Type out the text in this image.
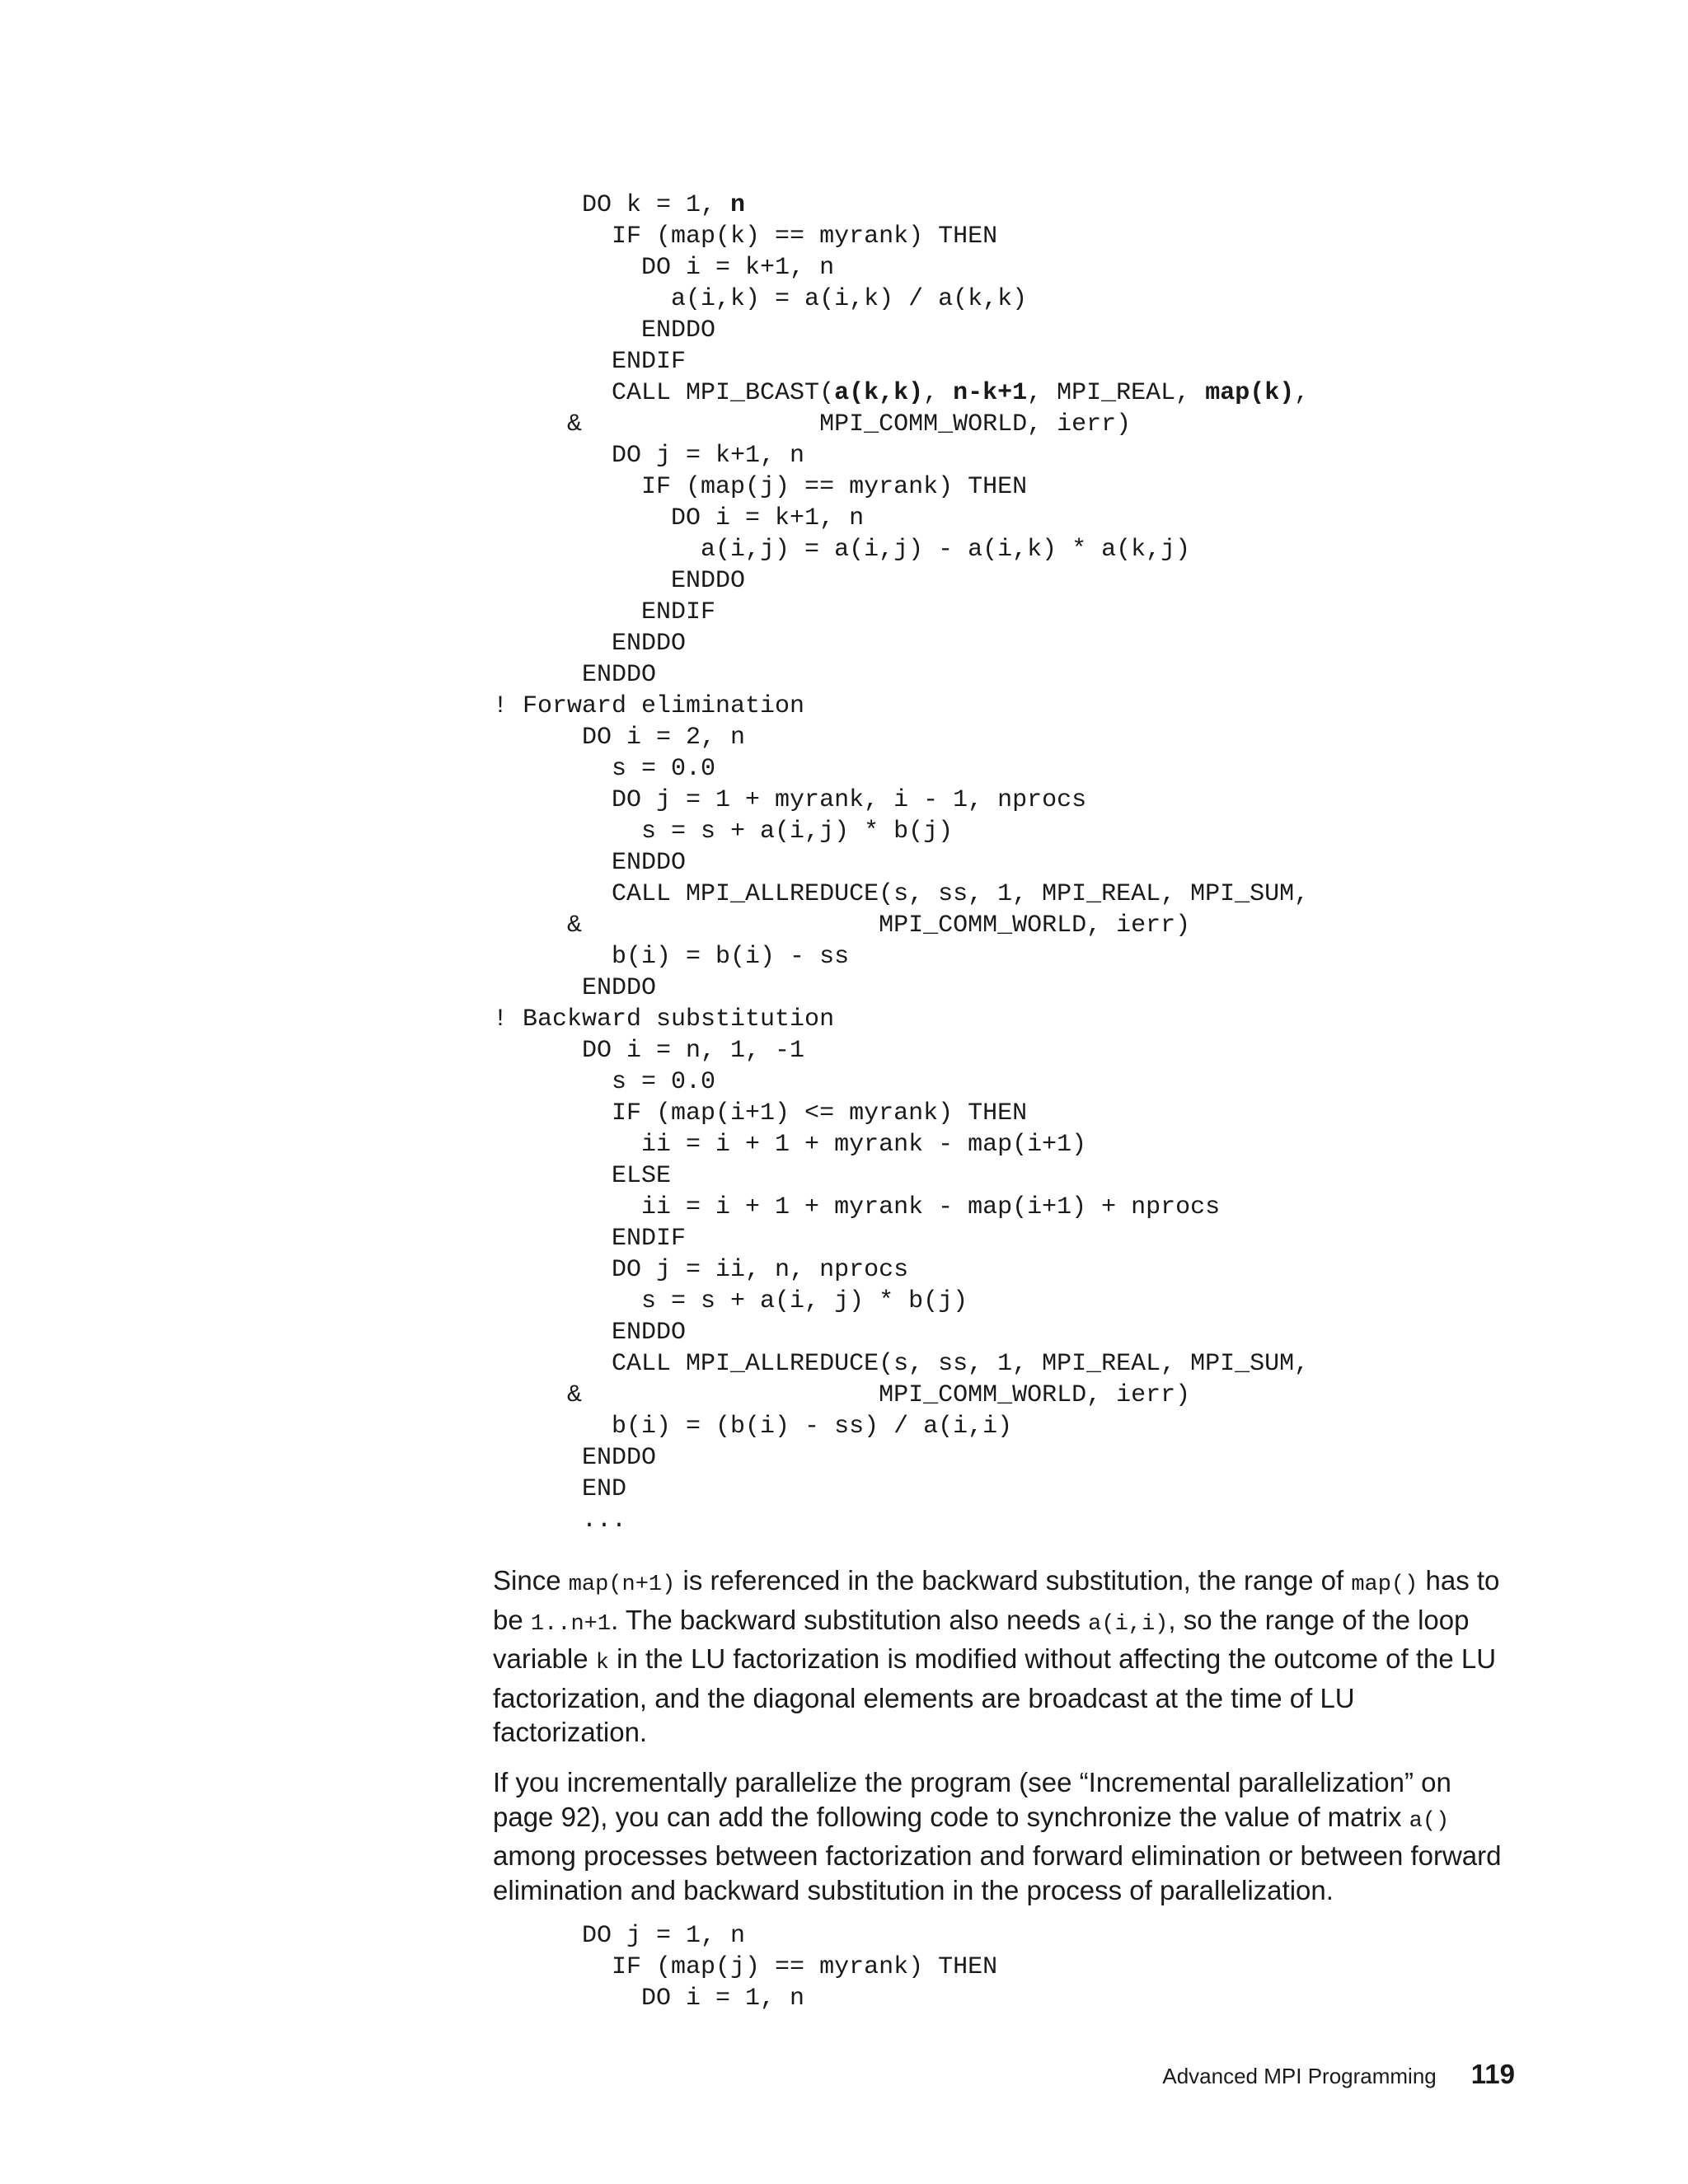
DO k = 1, n
IF (map(k) == myrank) THEN
DO i = k+1, n
a(i,k) = a(i,k) / a(k,k)
ENDDO
ENDIF
CALL MPI_BCAST(a(k,k), n-k+1, MPI_REAL, map(k),
&                MPI_COMM_WORLD, ierr)
DO j = k+1, n
IF (map(j) == myrank) THEN
DO i = k+1, n
a(i,j) = a(i,j) - a(i,k) * a(k,j)
ENDDO
ENDIF
ENDDO
ENDDO
! Forward elimination
DO i = 2, n
s = 0.0
DO j = 1 + myrank, i - 1, nprocs
s = s + a(i,j) * b(j)
ENDDO
CALL MPI_ALLREDUCE(s, ss, 1, MPI_REAL, MPI_SUM,
&                    MPI_COMM_WORLD, ierr)
b(i) = b(i) - ss
ENDDO
! Backward substitution
DO i = n, 1, -1
s = 0.0
IF (map(i+1) <= myrank) THEN
ii = i + 1 + myrank - map(i+1)
ELSE
ii = i + 1 + myrank - map(i+1) + nprocs
ENDIF
DO j = ii, n, nprocs
s = s + a(i, j) * b(j)
ENDDO
CALL MPI_ALLREDUCE(s, ss, 1, MPI_REAL, MPI_SUM,
&                    MPI_COMM_WORLD, ierr)
b(i) = (b(i) - ss) / a(i,i)
ENDDO
END
...

Since map(n+1) is referenced in the backward substitution, the range of map() has to be 1..n+1. The backward substitution also needs a(i,i), so the range of the loop variable k in the LU factorization is modified without affecting the outcome of the LU factorization, and the diagonal elements are broadcast at the time of LU factorization.

If you incrementally parallelize the program (see “Incremental parallelization” on page 92), you can add the following code to synchronize the value of matrix a() among processes between factorization and forward elimination or between forward elimination and backward substitution in the process of parallelization.

DO j = 1, n
IF (map(j) == myrank) THEN
DO i = 1, n
Advanced MPI Programming 119
